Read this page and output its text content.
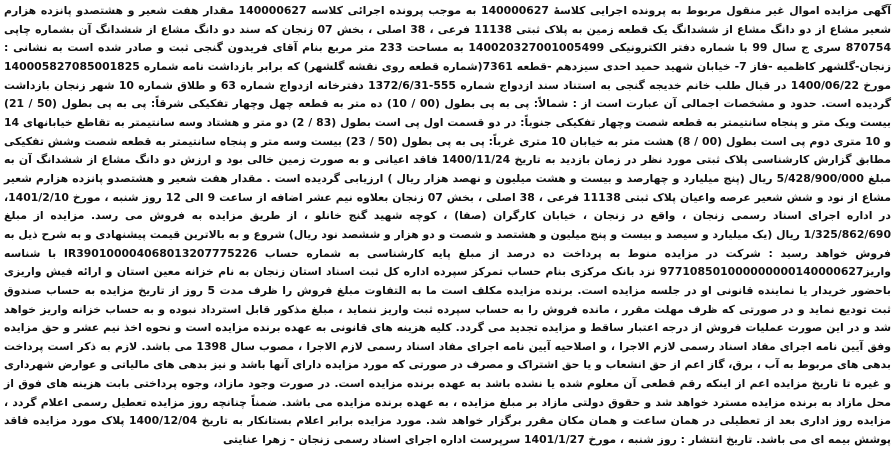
آگهی مزایده اموال غیر منقول مربوط به پرونده اجرایی کلاسهٔ 140000627 به موجب پرونده اجرائی کلاسه 140000627 مقدار هفت شعیر و هشتصدو پانزده هزارم شعیر مشاع از دو دانگ مشاع از ششدانگ یک قطعه زمین به پلاک ثبتی 11138 فرعی ، 38 اصلی ، بخش 07 زنجان که سند دو دانگ مشاع از ششدانگ آن بشماره چاپی 870754 سری ج سال 99 با شماره دفتر الکترونیکی 140020327001005499 به مساحت 233 متر مربع بنام آقای فریدون گنجی ثبت و صادر شده است به نشانی : زنجان-گلشهر کاظمیه -فاز 7- خیابان شهید حمید احدی سیزدهم -قطعه 7361(شماره قطعه روی نقشه گلشهر) که برابر بازداشت نامه شماره 140005827085001825 مورخ 1400/06/22 در قبال طلب خانم خدیجه گنجی به استناد سند ازدواج شماره 555-1372/6/31 دفترخانه ازدواج شماره 63 و طلاق شماره 10 شهر زنجان بازداشت گردیده است. حدود و مشخصات اجمالی آن عبارت است از : شمالاً: پی به پی بطول (00 / 10) ده متر به قطعه چهل وچهار تفکیکی شرقاً: پی به پی بطول (50 / 21) بیست ویک متر و پنجاه سانتیمتر به قطعه شصت وچهار تفکیکی جنوباً: در دو قسمت اول پی است بطول (83 / 2) دو متر و هشتاد وسه سانتیمتر به تقاطع خیابانهای 14 و 10 متری دوم پی است بطول (00 / 8) هشت متر به خیابان 10 متری غرباً: پی به پی بطول (50 / 23) بیست وسه متر و پنجاه سانتیمتر به قطعه شصت وشش تفکیکی مطابق گزارش کارشناسی پلاک ثبتی مورد نظر در زمان بازدید به تاریخ 1400/11/24 فاقد اعیانی و به صورت زمین خالی بود و ارزش دو دانگ مشاع از ششدانگ آن به مبلغ 5/428/900/000 ریال (پنج میلیارد و چهارصد و بیست و هشت میلیون و نهصد هزار ریال ) ارزیابی گردیده است . مقدار هفت شعیر و هشتصدو پانزده هزارم شعیر مشاع از نود و شش شعیر عرصه واعیان پلاک ثبتی 11138 فرعی ، 38 اصلی ، بخش 07 زنجان بعلاوه نیم عشر اضافه از ساعت 9 الی 12 روز شنبه ، مورخ 1401/2/10، در اداره اجرای اسناد رسمی زنجان ، واقع در زنجان ، خیابان کارگران (صفا) ، کوچه شهید گنج خانلو ، از طریق مزایده به فروش می رسد. مزایده از مبلغ 1/325/862/690 ریال (یک میلیارد و سیصد و بیست و پنج میلیون و هشتصد و شصت و دو هزار و ششصد نود ریال) شروع و به بالاترین قیمت پیشنهادی و به شرح ذیل به فروش خواهد رسید : شرکت در مزایده منوط به پرداخت ده درصد از مبلغ پایه کارشناسی به شماره حساب IR390100004068013207775226 با شناسه واریز977108501000000000140000627 نزد بانک مرکزی بنام حساب تمرکز سپرده اداره کل ثبت اسناد استان زنجان به نام خزانه معین استان و ارائه فیش واریزی باحضور خریدار یا نماینده قانونی او در جلسه مزایده است. برنده مزایده مکلف است ما به التفاوت مبلغ فروش را ظرف مدت 5 روز از تاریخ مزایده به حساب صندوق ثبت تودیع نماید و در صورتی که ظرف مهلت مقرر ، مانده فروش را به حساب سپرده ثبت واریز ننماید ، مبلغ مذکور قابل استرداد نبوده و به حساب خزانه واریز خواهد شد و در این صورت عملیات فروش از درجه اعتبار ساقط و مزایده تجدید می گردد. کلیه هزینه های قانونی به عهده برنده مزایده است و نحوه اخذ نیم عشر و حق مزایده وفق آیین نامه اجرای مفاد اسناد رسمی لازم الاجرا ، و اصلاحیه آیین نامه اجرای مفاد اسناد رسمی لازم الاجرا ، مصوب سال 1398 می باشد. لازم به ذکر است پرداخت بدهی های مربوط به آب ، برق، گاز اعم از حق انشعاب و یا حق اشتراک و مصرف در صورتی که مورد مزایده دارای آنها باشد و نیز بدهی های مالیاتی و عوارض شهرداری و غیره تا تاریخ مزایده اعم از اینکه رقم قطعی آن معلوم شده یا نشده باشد به عهده برنده مزایده است. در صورت وجود مازاد، وجوه پرداختی بابت هزینه های فوق از محل مازاد به برنده مزایده مسترد خواهد شد و حقوق دولتی مازاد بر مبلغ مزایده ، به عهده برنده مزایده می باشد. ضمناً چنانچه روز مزایده تعطیل رسمی اعلام گردد ، مزایده روز اداری بعد از تعطیلی در همان ساعت و همان مکان مقرر برگزار خواهد شد. مورد مزایده برابر اعلام بستانکار به تاریخ 1400/12/04 پلاک مورد مزایده فاقد پوشش بیمه ای می باشد. تاریخ انتشار : روز شنبه ، مورخ 1401/1/27 سرپرست اداره اجرای اسناد رسمی زنجان - زهرا عنایتی
